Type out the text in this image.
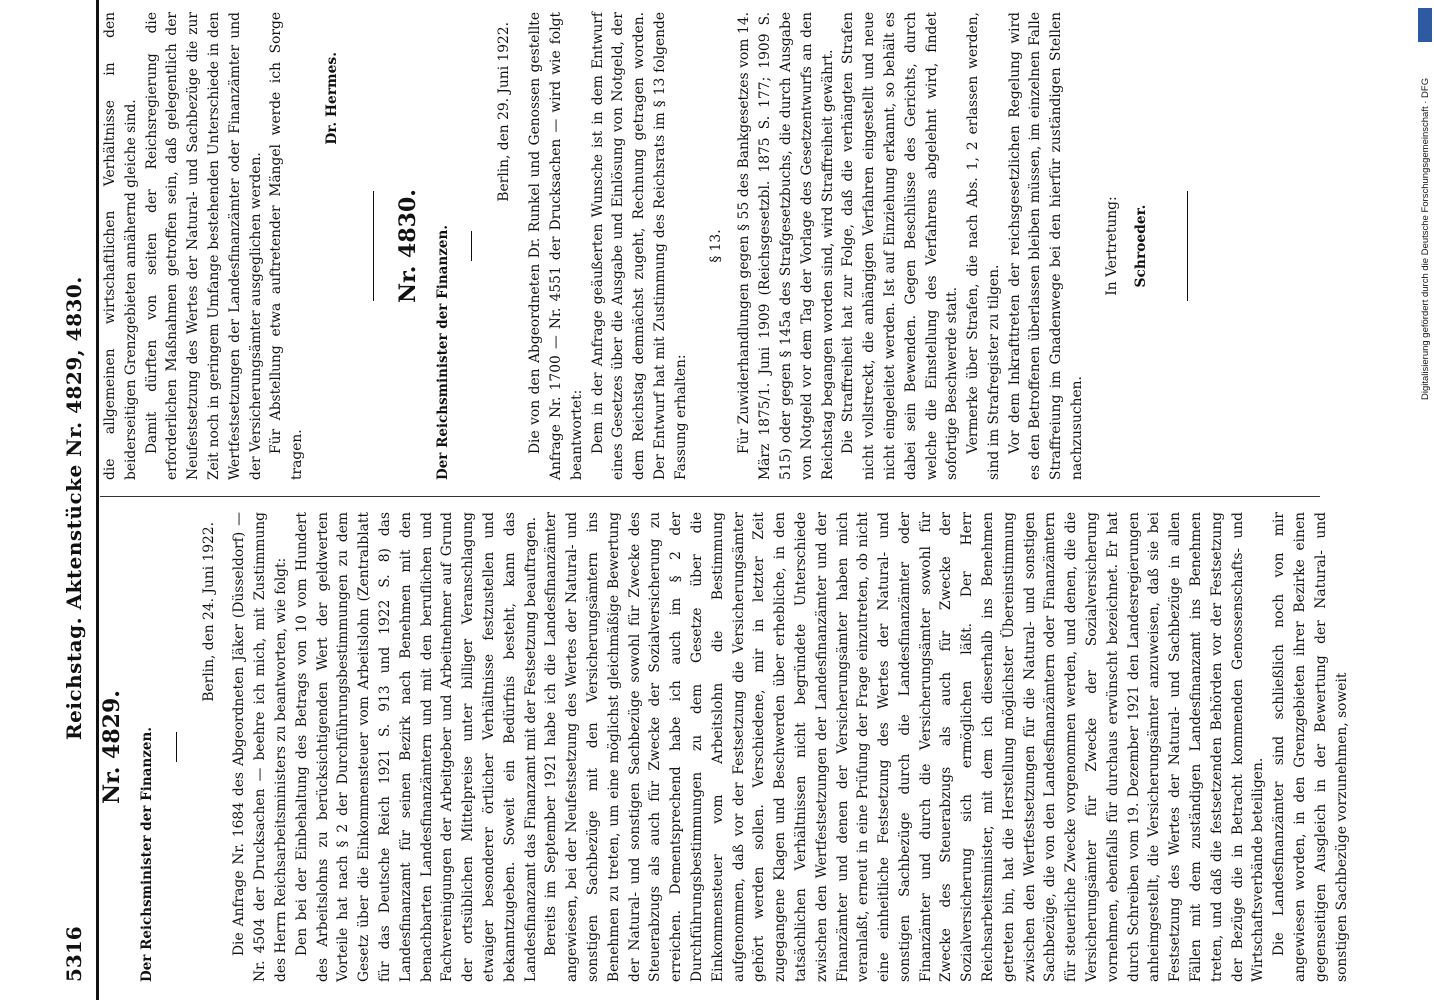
5316
Reichstag. Aktenstücke Nr. 4829, 4830.
Nr. 4829. Der Reichsminister der Finanzen.
Berlin, den 24. Juni 1922. Die Anfrage Nr. 1684 des Abgeordneten Jäker (Düsseldorf) — Nr. 4504 der Drucksachen — beehre ich mich, mit Zustimmung des Herrn Reichsarbeitsministers zu beantworten, wie folgt: Den bei der Einbehaltung des Betrags von 10 vom Hundert des Arbeitslohns zu berücksichtigenden Wert der geldwerten Vorteile hat nach § 2 der Durchführungsbestimmungen zu dem Gesetz über die Einkommensteuer vom Arbeitslohn (Zentralblatt für das Deutsche Reich 1921 S. 913 und 1922 S. 8) das Landesfinanzamt für seinen Bezirk nach Benehmen mit den benachbarten Landesfinanzämtern und mit den beruflichen und Fachvereinigungen der Arbeitgeber und Arbeitnehmer auf Grund der ortsüblichen Mittelpreise unter billiger Veranschlagung etwaiger besonderer örtlicher Verhältnisse festzustellen und bekanntzugeben. Soweit ein Bedürfnis besteht, kann das Landesfinanzamt das Finanzamt mit der Festsetzung beauftragen. Bereits im September 1921 habe ich die Landesfinanzämter angewiesen, bei der Neufestsetzung des Wertes der Natural- und sonstigen Sachbezüge mit den Versicherungsämtern ins Benehmen zu treten, um eine möglichst gleichmäßige Bewertung der Natural- und sonstigen Sachbezüge sowohl für Zwecke des Steuerabzugs als auch für Zwecke der Sozialversicherung zu erreichen. Dementsprechend habe ich auch im § 2 der Durchführungsbestimmungen zu dem Gesetze über die Einkommensteuer vom Arbeitslohn die Bestimmung aufgenommen, daß vor der Festsetzung die Versicherungsämter gehört werden sollen. Verschiedene, mir in letzter Zeit zugegangene Klagen und Beschwerden über erhebliche, in den tatsächlichen Verhältnissen nicht begründete Unterschiede zwischen den Wertfestsetzungen der Landesfinanzämter und der Finanzämter und denen der Versicherungsämter haben mich veranlaßt, erneut in eine Prüfung der Frage einzutreten, ob nicht eine einheitliche Festsetzung des Wertes der Natural- und sonstigen Sachbezüge durch die Landesfinanzämter oder Finanzämter und durch die Versicherungsämter sowohl für Zwecke des Steuerabzugs als auch für Zwecke der Sozialversicherung sich ermöglichen läßt. Der Herr Reichsarbeitsminister, mit dem ich dieserhalb ins Benehmen getreten bin, hat die Herstellung möglichster Übereinstimmung zwischen den Wertfestsetzungen für die Natural- und sonstigen Sachbezüge, die von den Landesfinanzämtern oder Finanzämtern für steuerliche Zwecke vorgenommen werden, und denen, die die Versicherungsämter für Zwecke der Sozialversicherung vornehmen, ebenfalls für durchaus erwünscht bezeichnet. Er hat durch Schreiben vom 19. Dezember 1921 den Landesregierungen anheimgestellt, die Versicherungsämter anzuweisen, daß sie bei Festsetzung des Wertes der Natural- und Sachbezüge in allen Fällen mit dem zuständigen Landesfinanzamt ins Benehmen treten, und daß die festsetzenden Behörden vor der Festsetzung der Bezüge die in Betracht kommenden Genossenschafts- und Wirtschaftsverbände beteiligen. Die Landesfinanzämter sind schließlich noch von mir angewiesen worden, in den Grenzgebieten ihrer Bezirke einen gegenseitigen Ausgleich in der Bewertung der Natural- und sonstigen Sachbezüge vorzunehmen, soweit

die allgemeinen wirtschaftlichen Verhältnisse in den beiderseitigen Grenzgebieten annähernd gleiche sind. Damit dürften von seiten der Reichsregierung die erforderlichen Maßnahmen getroffen sein, daß gelegentlich der Neufestsetzung des Wertes der Natural- und Sachbezüge die zur Zeit noch in geringem Umfange bestehenden Unterschiede in den Wertfestsetzungen der Landesfinanzämter oder Finanzämter und der Versicherungsämter ausgeglichen werden. Für Abstellung etwa auftretender Mängel werde ich Sorge tragen.

Dr. Hermes.
Nr. 4830. Der Reichsminister der Finanzen.
Berlin, den 29. Juni 1922. Die von den Abgeordneten Dr. Runkel und Genossen gestellte Anfrage Nr. 1700 — Nr. 4551 der Drucksachen — wird wie folgt beantwortet: Dem in der Anfrage geäußerten Wunsche ist in dem Entwurf eines Gesetzes über die Ausgabe und Einlösung von Notgeld, der dem Reichstag demnächst zugeht, Rechnung getragen worden. Der Entwurf hat mit Zustimmung des Reichsrats im § 13 folgende Fassung erhalten:

§ 13. Für Zuwiderhandlungen gegen § 55 des Bankgesetzes vom 14. März 1875/1. Juni 1909 (Reichsgesetzbl. 1875 S. 177; 1909 S. 515) oder gegen § 145a des Strafgesetzbuchs, die durch Ausgabe von Notgeld vor dem Tag der Vorlage des Gesetzentwurfs an den Reichstag begangen worden sind, wird Straffreiheit gewährt. Die Straffreiheit hat zur Folge, daß die verhängten Strafen nicht vollstreckt, die anhängigen Verfahren eingestellt und neue nicht eingeleitet werden. Ist auf Einziehung erkannt, so behält es dabei sein Bewenden. Gegen Beschlüsse des Gerichts, durch welche die Einstellung des Verfahrens abgelehnt wird, findet sofortige Beschwerde statt. Vermerke über Strafen, die nach Abs. 1, 2 erlassen werden, sind im Strafregister zu tilgen. Vor dem Inkrafttreten der reichsgesetzlichen Regelung wird es den Betroffenen überlassen bleiben müssen, im einzelnen Falle Straffreiung im Gnadenwege bei den hierfür zuständigen Stellen nachzusuchen.

In Vertretung: Schroeder.	Digitalisierung gefördert durch die Deutsche Forschungsgemeinschaft · DFG
